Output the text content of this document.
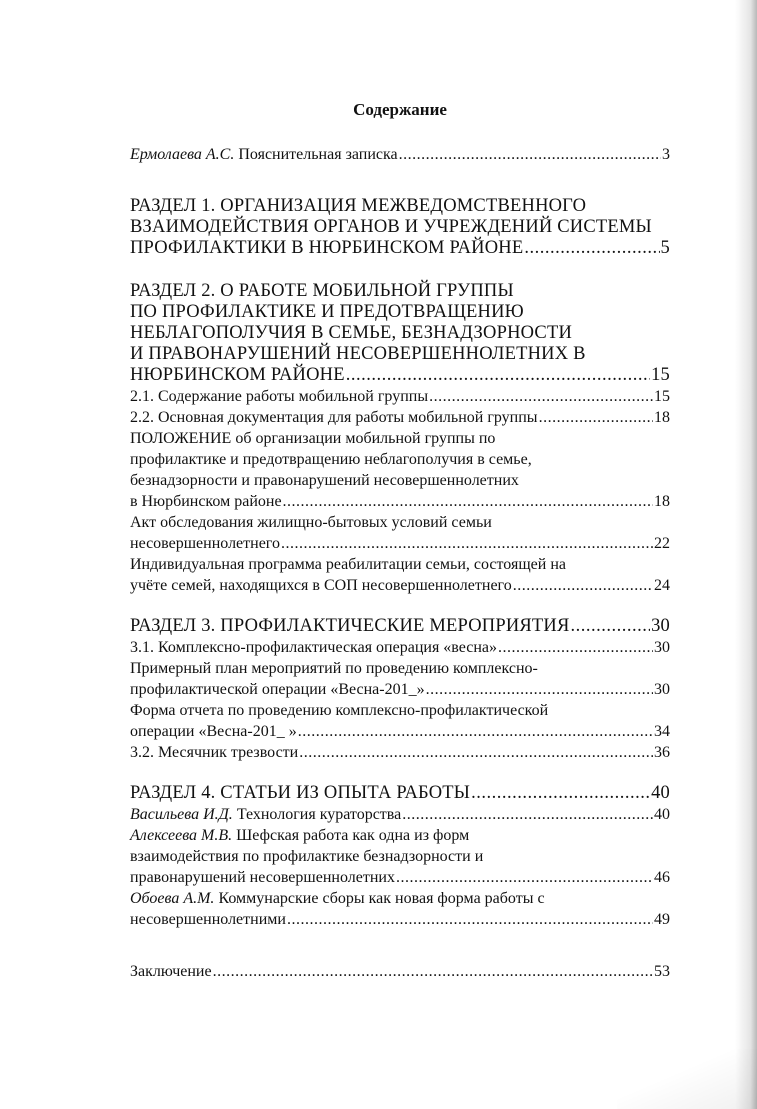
Содержание
Ермолаева А.С. Пояснительная записка .....	3
РАЗДЕЛ 1. ОРГАНИЗАЦИЯ МЕЖВЕДОМСТВЕННОГО
ВЗАИМОДЕЙСТВИЯ ОРГАНОВ И УЧРЕЖДЕНИЙ СИСТЕМЫ
ПРОФИЛАКТИКИ В НЮРБИНСКОМ РАЙОНЕ .....	5
РАЗДЕЛ 2. О РАБОТЕ МОБИЛЬНОЙ ГРУППЫ
ПО ПРОФИЛАКТИКЕ И ПРЕДОТВРАЩЕНИЮ
НЕБЛАГОПОЛУЧИЯ В СЕМЬЕ, БЕЗНАДЗОРНОСТИ
И ПРАВОНАРУШЕНИЙ НЕСОВЕРШЕННОЛЕТНИХ В
НЮРБИНСКОМ РАЙОНЕ .....	15
2.1. Содержание работы мобильной группы .....	15
2.2. Основная документация для работы мобильной группы .....	18
ПОЛОЖЕНИЕ об организации мобильной группы по
профилактике и предотвращению неблагополучия в семье,
безнадзорности и правонарушений несовершеннолетних
в Нюрбинском районе .....	18
Акт обследования жилищно-бытовых условий семьи
несовершеннолетнего .....	22
Индивидуальная программа реабилитации семьи, состоящей на
учёте семей, находящихся в СОП несовершеннолетнего .....	24
РАЗДЕЛ 3. ПРОФИЛАКТИЧЕСКИЕ МЕРОПРИЯТИЯ .....	30
3.1. Комплексно-профилактическая операция «весна» .....	30
Примерный план мероприятий по проведению комплексно-
профилактической операции «Весна-201_» .....	30
Форма отчета по проведению комплексно-профилактической
операции «Весна-201_ » .....	34
3.2. Месячник трезвости .....	36
РАЗДЕЛ 4. СТАТЬИ ИЗ ОПЫТА РАБОТЫ .....	40
Васильева И.Д. Технология кураторства .....	40
Алексеева М.В. Шефская работа как одна из форм
взаимодействия по профилактике безнадзорности и
правонарушений несовершеннолетних .....	46
Обоева А.М. Коммунарские сборы как новая форма работы с
несовершеннолетними .....	49
Заключение .....	53
